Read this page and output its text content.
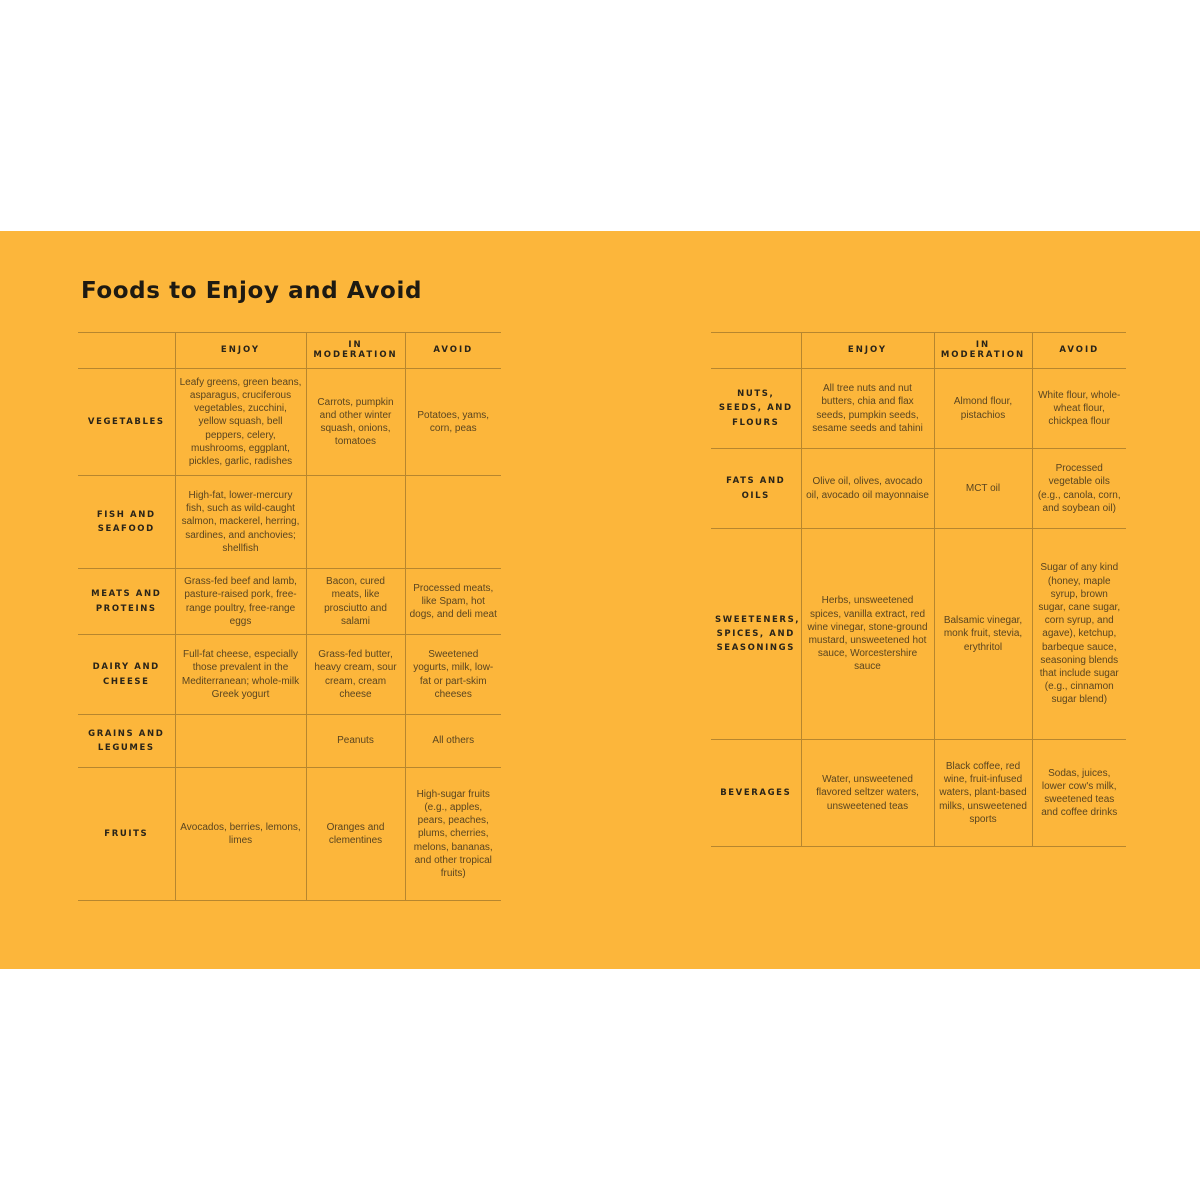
Foods to Enjoy and Avoid
	ENJOY	IN MODERATION	AVOID
VEGETABLES	Leafy greens, green beans, asparagus, cruciferous vegetables, zucchini, yellow squash, bell peppers, celery, mushrooms, eggplant, pickles, garlic, radishes	Carrots, pumpkin and other winter squash, onions, tomatoes	Potatoes, yams, corn, peas
FISH AND SEAFOOD	High-fat, lower-mercury fish, such as wild-caught salmon, mackerel, herring, sardines, and anchovies; shellfish		
MEATS AND PROTEINS	Grass-fed beef and lamb, pasture-raised pork, free-range poultry, free-range eggs	Bacon, cured meats, like prosciutto and salami	Processed meats, like Spam, hot dogs, and deli meat
DAIRY AND CHEESE	Full-fat cheese, especially those prevalent in the Mediterranean; whole-milk Greek yogurt	Grass-fed butter, heavy cream, sour cream, cream cheese	Sweetened yogurts, milk, low-fat or part-skim cheeses
GRAINS AND LEGUMES		Peanuts	All others
FRUITS	Avocados, berries, lemons, limes	Oranges and clementines	High-sugar fruits (e.g., apples, pears, peaches, plums, cherries, melons, bananas, and other tropical fruits)
	ENJOY	IN MODERATION	AVOID
NUTS, SEEDS, AND FLOURS	All tree nuts and nut butters, chia and flax seeds, pumpkin seeds, sesame seeds and tahini	Almond flour, pistachios	White flour, whole-wheat flour, chickpea flour
FATS AND OILS	Olive oil, olives, avocado oil, avocado oil mayonnaise	MCT oil	Processed vegetable oils (e.g., canola, corn, and soybean oil)
SWEETENERS, SPICES, AND SEASONINGS	Herbs, unsweetened spices, vanilla extract, red wine vinegar, stone-ground mustard, unsweetened hot sauce, Worcestershire sauce	Balsamic vinegar, monk fruit, stevia, erythritol	Sugar of any kind (honey, maple syrup, brown sugar, cane sugar, corn syrup, and agave), ketchup, barbeque sauce, seasoning blends that include sugar (e.g., cinnamon sugar blend)
BEVERAGES	Water, unsweetened flavored seltzer waters, unsweetened teas	Black coffee, red wine, fruit-infused waters, plant-based milks, unsweetened sports	Sodas, juices, lower cow's milk, sweetened teas and coffee drinks
